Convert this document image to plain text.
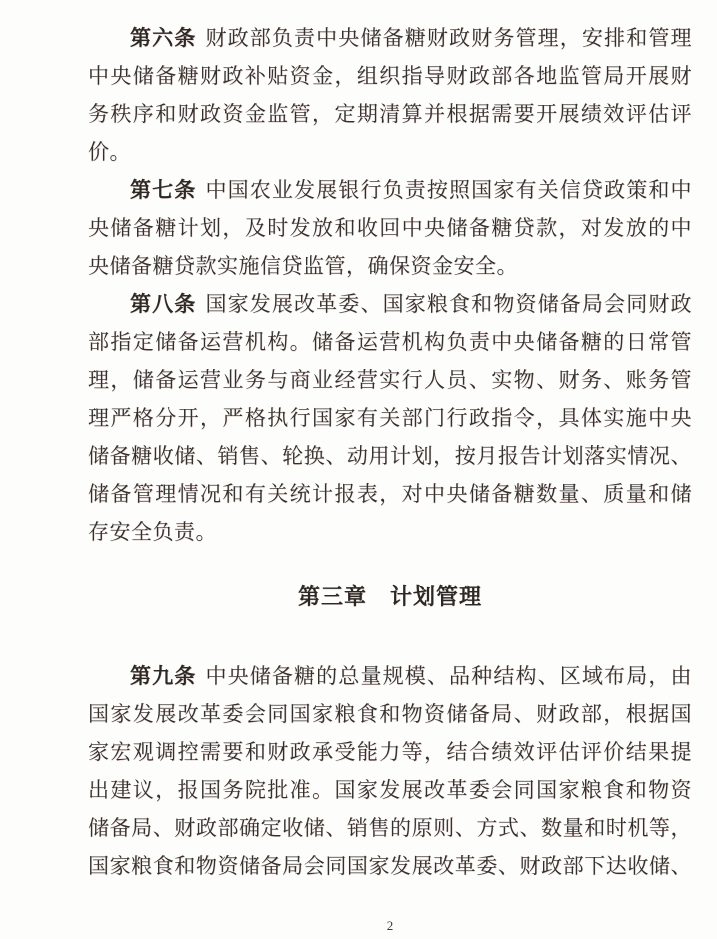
第六条 财政部负责中央储备糖财政财务管理，安排和管理
中央储备糖财政补贴资金，组织指导财政部各地监管局开展财
务秩序和财政资金监管，定期清算并根据需要开展绩效评估评
价。
第七条 中国农业发展银行负责按照国家有关信贷政策和中
央储备糖计划，及时发放和收回中央储备糖贷款，对发放的中
央储备糖贷款实施信贷监管，确保资金安全。
第八条 国家发展改革委、国家粮食和物资储备局会同财政
部指定储备运营机构。储备运营机构负责中央储备糖的日常管
理，储备运营业务与商业经营实行人员、实物、财务、账务管
理严格分开，严格执行国家有关部门行政指令，具体实施中央
储备糖收储、销售、轮换、动用计划，按月报告计划落实情况、
储备管理情况和有关统计报表，对中央储备糖数量、质量和储
存安全负责。
第三章　计划管理
第九条 中央储备糖的总量规模、品种结构、区域布局，由
国家发展改革委会同国家粮食和物资储备局、财政部，根据国
家宏观调控需要和财政承受能力等，结合绩效评估评价结果提
出建议，报国务院批准。国家发展改革委会同国家粮食和物资
储备局、财政部确定收储、销售的原则、方式、数量和时机等，
国家粮食和物资储备局会同国家发展改革委、财政部下达收储、
2
